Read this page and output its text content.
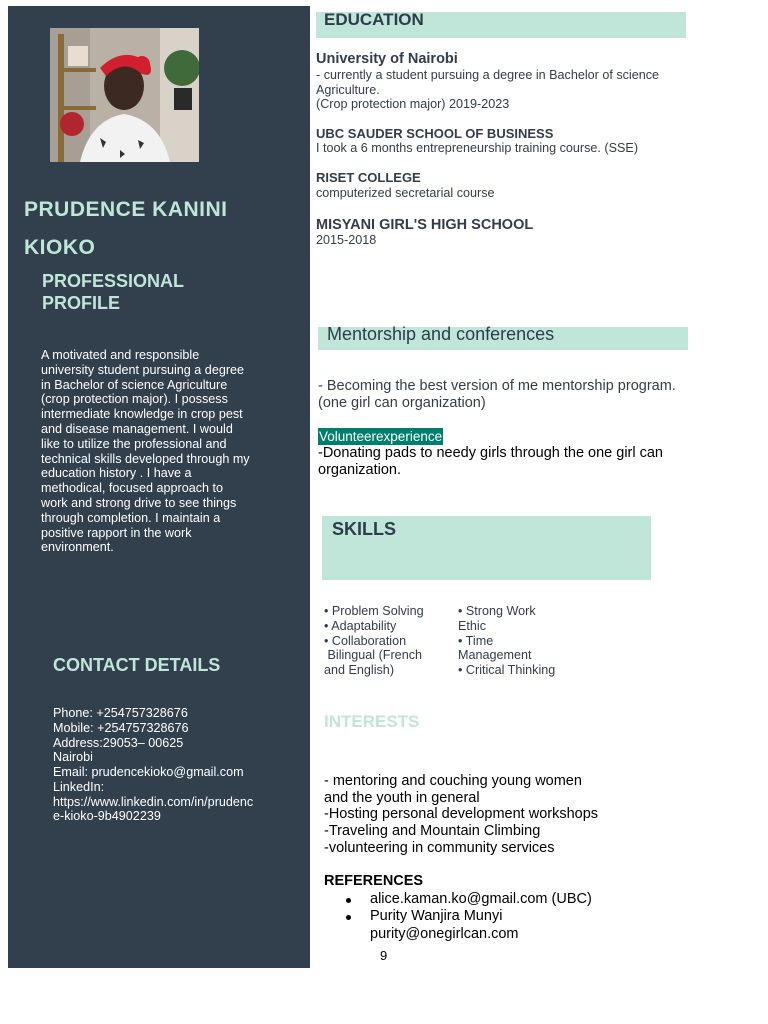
PRUDENCE KANINI
KIOKO
PROFESSIONAL
PROFILE
A motivated and responsible
university student pursuing a degree
in Bachelor of science Agriculture
(crop protection major). I possess
intermediate knowledge in crop pest
and disease management. I would
like to utilize the professional and
technical skills developed through my
education history . I have a
methodical, focused approach to
work and strong drive to see things
through completion. I maintain a
positive rapport in the work
environment.
CONTACT DETAILS
Phone: +254757328676
Mobile: +254757328676
Address:29053– 00625
Nairobi
Email: prudencekioko@gmail.com
LinkedIn:
https://www.linkedin.com/in/prudenc
e-kioko-9b4902239
EDUCATION
University of Nairobi
- currently a student pursuing a degree in Bachelor of science
Agriculture.
(Crop protection major) 2019-2023
UBC SAUDER SCHOOL OF BUSINESS
I took a 6 months entrepreneurship training course. (SSE)
RISET COLLEGE
computerized secretarial course
MISYANI GIRL'S HIGH SCHOOL
2015-2018
Mentorship and conferences
- Becoming the best version of me mentorship program.
(one girl can organization)
Volunteerexperience
-Donating pads to needy girls through the one girl can
organization.
SKILLS
• Problem Solving
• Adaptability
• Collaboration
Bilingual (French
and English)
• Strong Work
Ethic
• Time
Management
• Critical Thinking
INTERESTS
- mentoring and couching young women
and the youth in general
-Hosting personal development workshops
-Traveling and Mountain Climbing
-volunteering in community services
REFERENCES
alice.kaman.ko@gmail.com (UBC)
Purity Wanjira Munyi
purity@onegirlcan.com
9
